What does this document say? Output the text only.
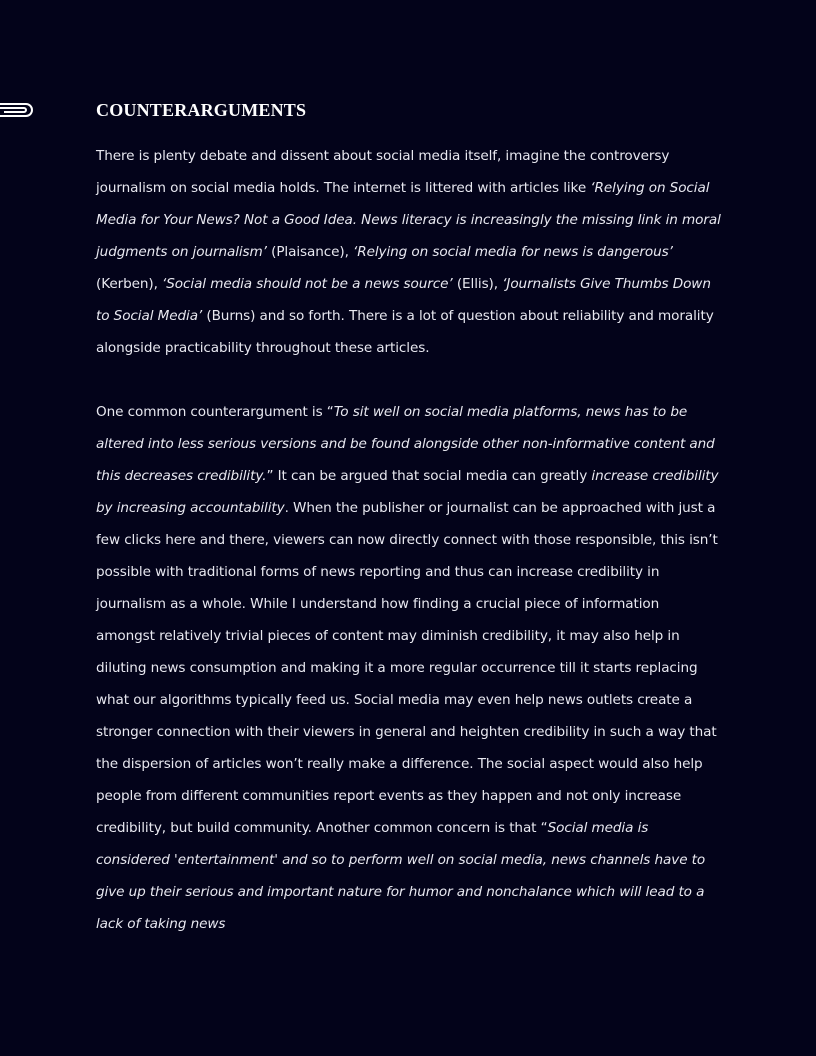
COUNTERARGUMENTS

There is plenty debate and dissent about social media itself, imagine the controversy journalism on social media holds. The internet is littered with articles like ‘Relying on Social Media for Your News? Not a Good Idea. News literacy is increasingly the missing link in moral judgments on journalism’ (Plaisance), ‘Relying on social media for news is dangerous’ (Kerben), ‘Social media should not be a news source’ (Ellis), ‘Journalists Give Thumbs Down to Social Media’ (Burns) and so forth. There is a lot of question about reliability and morality alongside practicability throughout these articles.

One common counterargument is “To sit well on social media platforms, news has to be altered into less serious versions and be found alongside other non-informative content and this decreases credibility.” It can be argued that social media can greatly increase credibility by increasing accountability. When the publisher or journalist can be approached with just a few clicks here and there, viewers can now directly connect with those responsible, this isn’t possible with traditional forms of news reporting and thus can increase credibility in journalism as a whole. While I understand how finding a crucial piece of information amongst relatively trivial pieces of content may diminish credibility, it may also help in diluting news consumption and making it a more regular occurrence till it starts replacing what our algorithms typically feed us. Social media may even help news outlets create a stronger connection with their viewers in general and heighten credibility in such a way that the dispersion of articles won’t really make a difference. The social aspect would also help people from different communities report events as they happen and not only increase credibility, but build community. Another common concern is that “Social media is considered 'entertainment' and so to perform well on social media, news channels have to give up their serious and important nature for humor and nonchalance which will lead to a lack of taking news
